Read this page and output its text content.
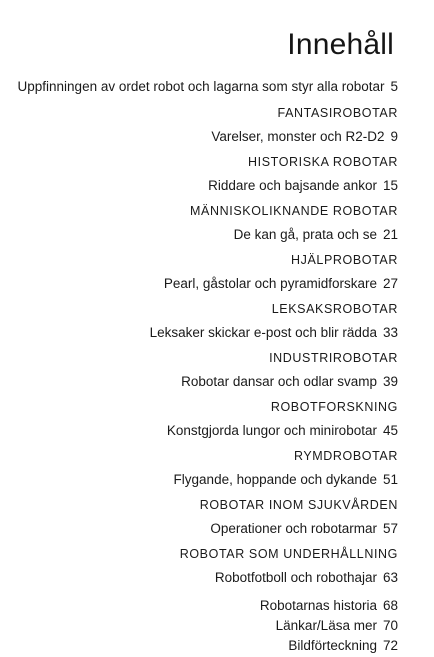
Innehåll
Uppfinningen av ordet robot och lagarna som styr alla robotar 5
FANTASIROBOTAR
Varelser, monster och R2-D2 9
HISTORISKA ROBOTAR
Riddare och bajsande ankor 15
MÄNNISKOLIKNANDE ROBOTAR
De kan gå, prata och se 21
HJÄLPROBOTAR
Pearl, gåstolar och pyramidforskare 27
LEKSAKSROBOTAR
Leksaker skickar e-post och blir räddа 33
INDUSTRIROBOTAR
Robotar dansar och odlar svamp 39
ROBOTFORSKNING
Konstgjorda lungor och minirobotar 45
RYMDROBOTAR
Flygande, hoppande och dykande 51
ROBOTAR INOM SJUKVÅRDEN
Operationer och robotarmar 57
ROBOTAR SOM UNDERHÅLLNING
Robotfotboll och robothajar 63
Robotarnas historia 68
Länkar/Läsa mer 70
Bildförteckning 72
